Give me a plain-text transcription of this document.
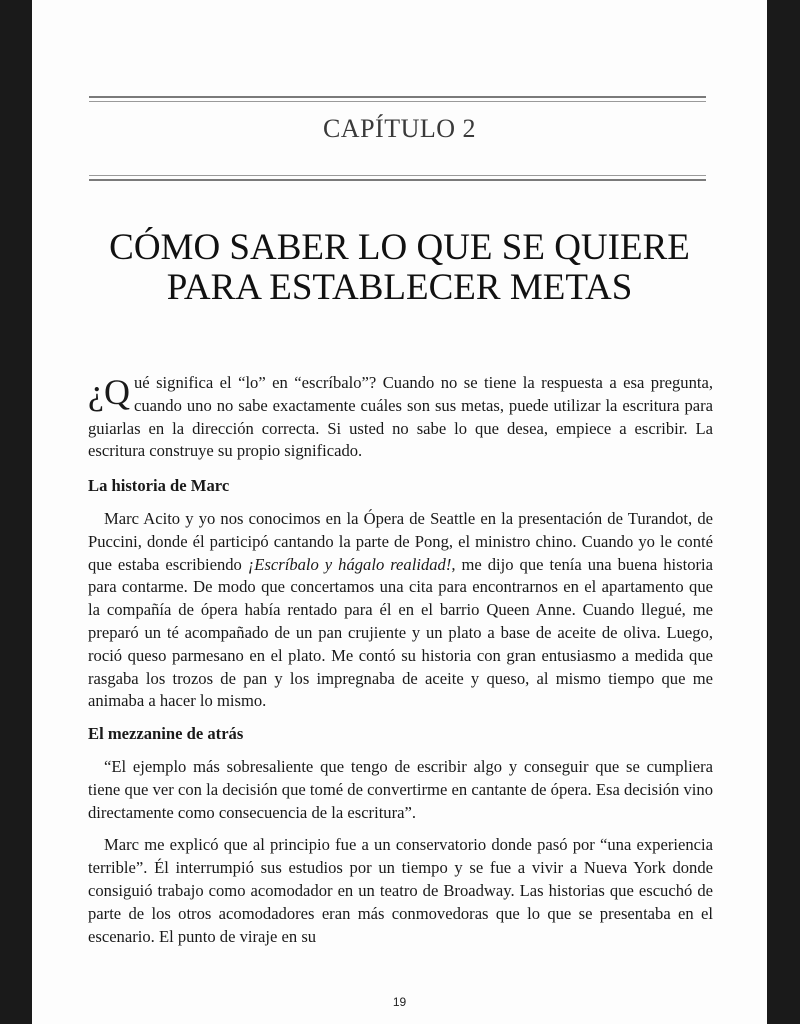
CAPÍTULO 2
CÓMO SABER LO QUE SE QUIERE
PARA ESTABLECER METAS

¿Q ué significa el “lo” en “escríbalo”? Cuando no se tiene la respuesta a esa pregunta, cuando uno no sabe exactamente cuáles son sus metas, puede utilizar la escritura para guiarlas en la dirección correcta. Si usted no sabe lo que desea, empiece a escribir. La escritura construye su propio significado.

La historia de Marc

Marc Acito y yo nos conocimos en la Ópera de Seattle en la presentación de Turandot, de Puccini, donde él participó cantando la parte de Pong, el ministro chino. Cuando yo le conté que estaba escribiendo ¡Escríbalo y hágalo realidad!, me dijo que tenía una buena historia para contarme. De modo que concertamos una cita para encontrarnos en el apartamento que la compañía de ópera había rentado para él en el barrio Queen Anne. Cuando llegué, me preparó un té acompañado de un pan crujiente y un plato a base de aceite de oliva. Luego, roció queso parmesano en el plato. Me contó su historia con gran entusiasmo a medida que rasgaba los trozos de pan y los impregnaba de aceite y queso, al mismo tiempo que me animaba a hacer lo mismo.

El mezzanine de atrás

“El ejemplo más sobresaliente que tengo de escribir algo y conseguir que se cumpliera tiene que ver con la decisión que tomé de convertirme en cantante de ópera. Esa decisión vino directamente como consecuencia de la escritura”.

Marc me explicó que al principio fue a un conservatorio donde pasó por “una experiencia terrible”. Él interrumpió sus estudios por un tiempo y se fue a vivir a Nueva York donde consiguió trabajo como acomodador en un teatro de Broadway. Las historias que escuchó de parte de los otros acomodadores eran más conmovedoras que lo que se presentaba en el escenario. El punto de viraje en su

19
